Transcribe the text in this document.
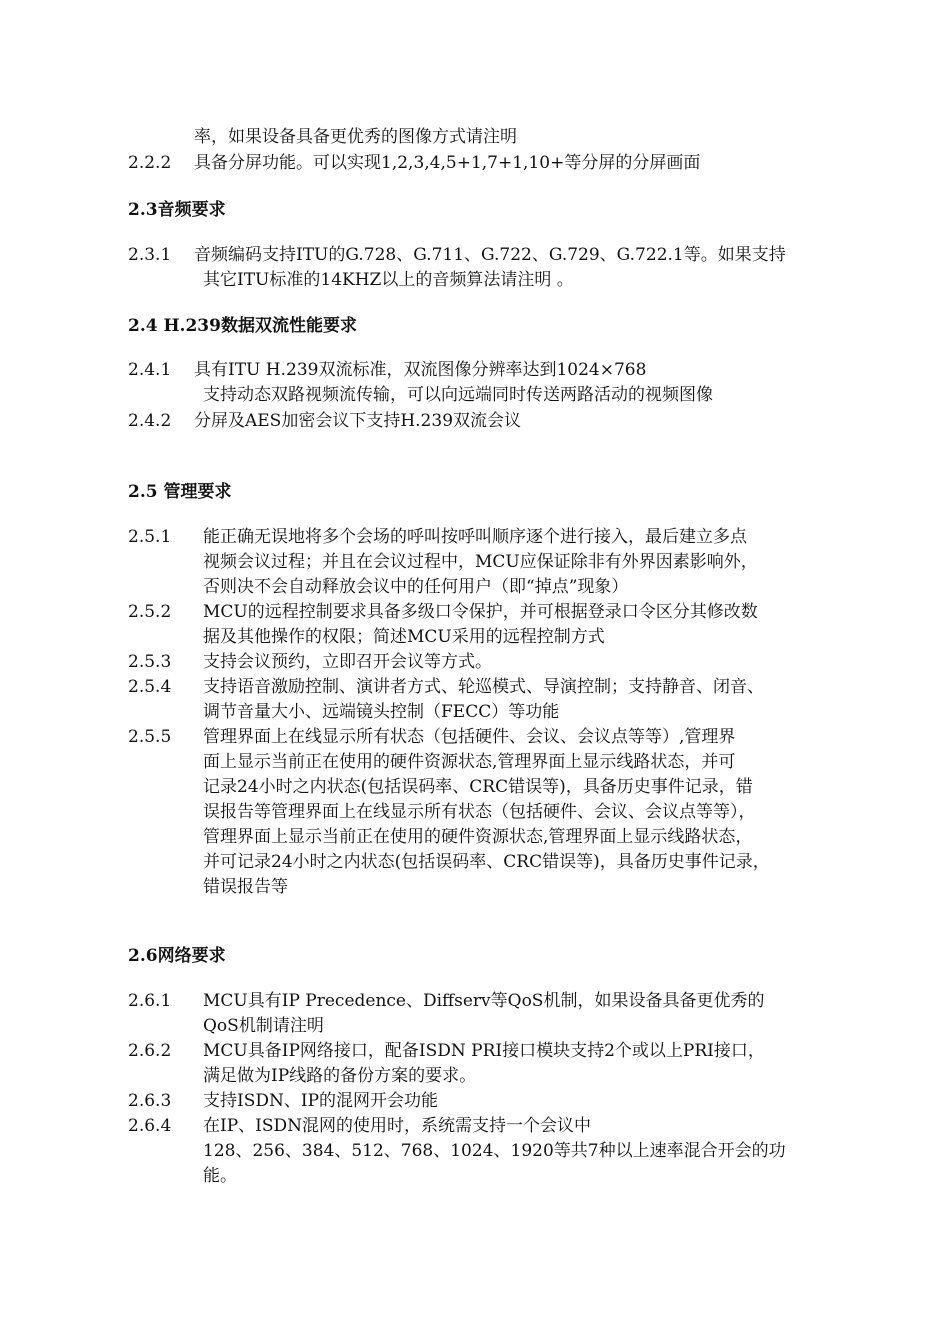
率，如果设备具备更优秀的图像方式请注明
2.2.2 具备分屏功能。可以实现1,2,3,4,5+1,7+1,10+等分屏的分屏画面
2.3音频要求
2.3.1 音频编码支持ITU的G.728、G.711、G.722、G.729、G.722.1等。如果支持
其它ITU标准的14KHZ以上的音频算法请注明 。
2.4 H.239数据双流性能要求
2.4.1 具有ITU H.239双流标准，双流图像分辨率达到1024×768
支持动态双路视频流传输，可以向远端同时传送两路活动的视频图像
2.4.2 分屏及AES加密会议下支持H.239双流会议
2.5 管理要求
2.5.1 能正确无误地将多个会场的呼叫按呼叫顺序逐个进行接入，最后建立多点
视频会议过程；并且在会议过程中，MCU应保证除非有外界因素影响外，
否则决不会自动释放会议中的任何用户（即“掉点”现象）
2.5.2 MCU的远程控制要求具备多级口令保护，并可根据登录口令区分其修改数
据及其他操作的权限；简述MCU采用的远程控制方式
2.5.3 支持会议预约，立即召开会议等方式。
2.5.4 支持语音激励控制、演讲者方式、轮巡模式、导演控制；支持静音、闭音、
调节音量大小、远端镜头控制（FECC）等功能
2.5.5 管理界面上在线显示所有状态（包括硬件、会议、会议点等等）,管理界
面上显示当前正在使用的硬件资源状态,管理界面上显示线路状态，并可
记录24小时之内状态(包括误码率、CRC错误等)，具备历史事件记录，错
误报告等管理界面上在线显示所有状态（包括硬件、会议、会议点等等），
管理界面上显示当前正在使用的硬件资源状态,管理界面上显示线路状态，
并可记录24小时之内状态(包括误码率、CRC错误等)，具备历史事件记录，
错误报告等
2.6网络要求
2.6.1 MCU具有IP Precedence、Diffserv等QoS机制，如果设备具备更优秀的
QoS机制请注明
2.6.2 MCU具备IP网络接口，配备ISDN PRI接口模块支持2个或以上PRI接口，
满足做为IP线路的备份方案的要求。
2.6.3 支持ISDN、IP的混网开会功能
2.6.4 在IP、ISDN混网的使用时，系统需支持一个会议中
128、256、384、512、768、1024、1920等共7种以上速率混合开会的功
能。
